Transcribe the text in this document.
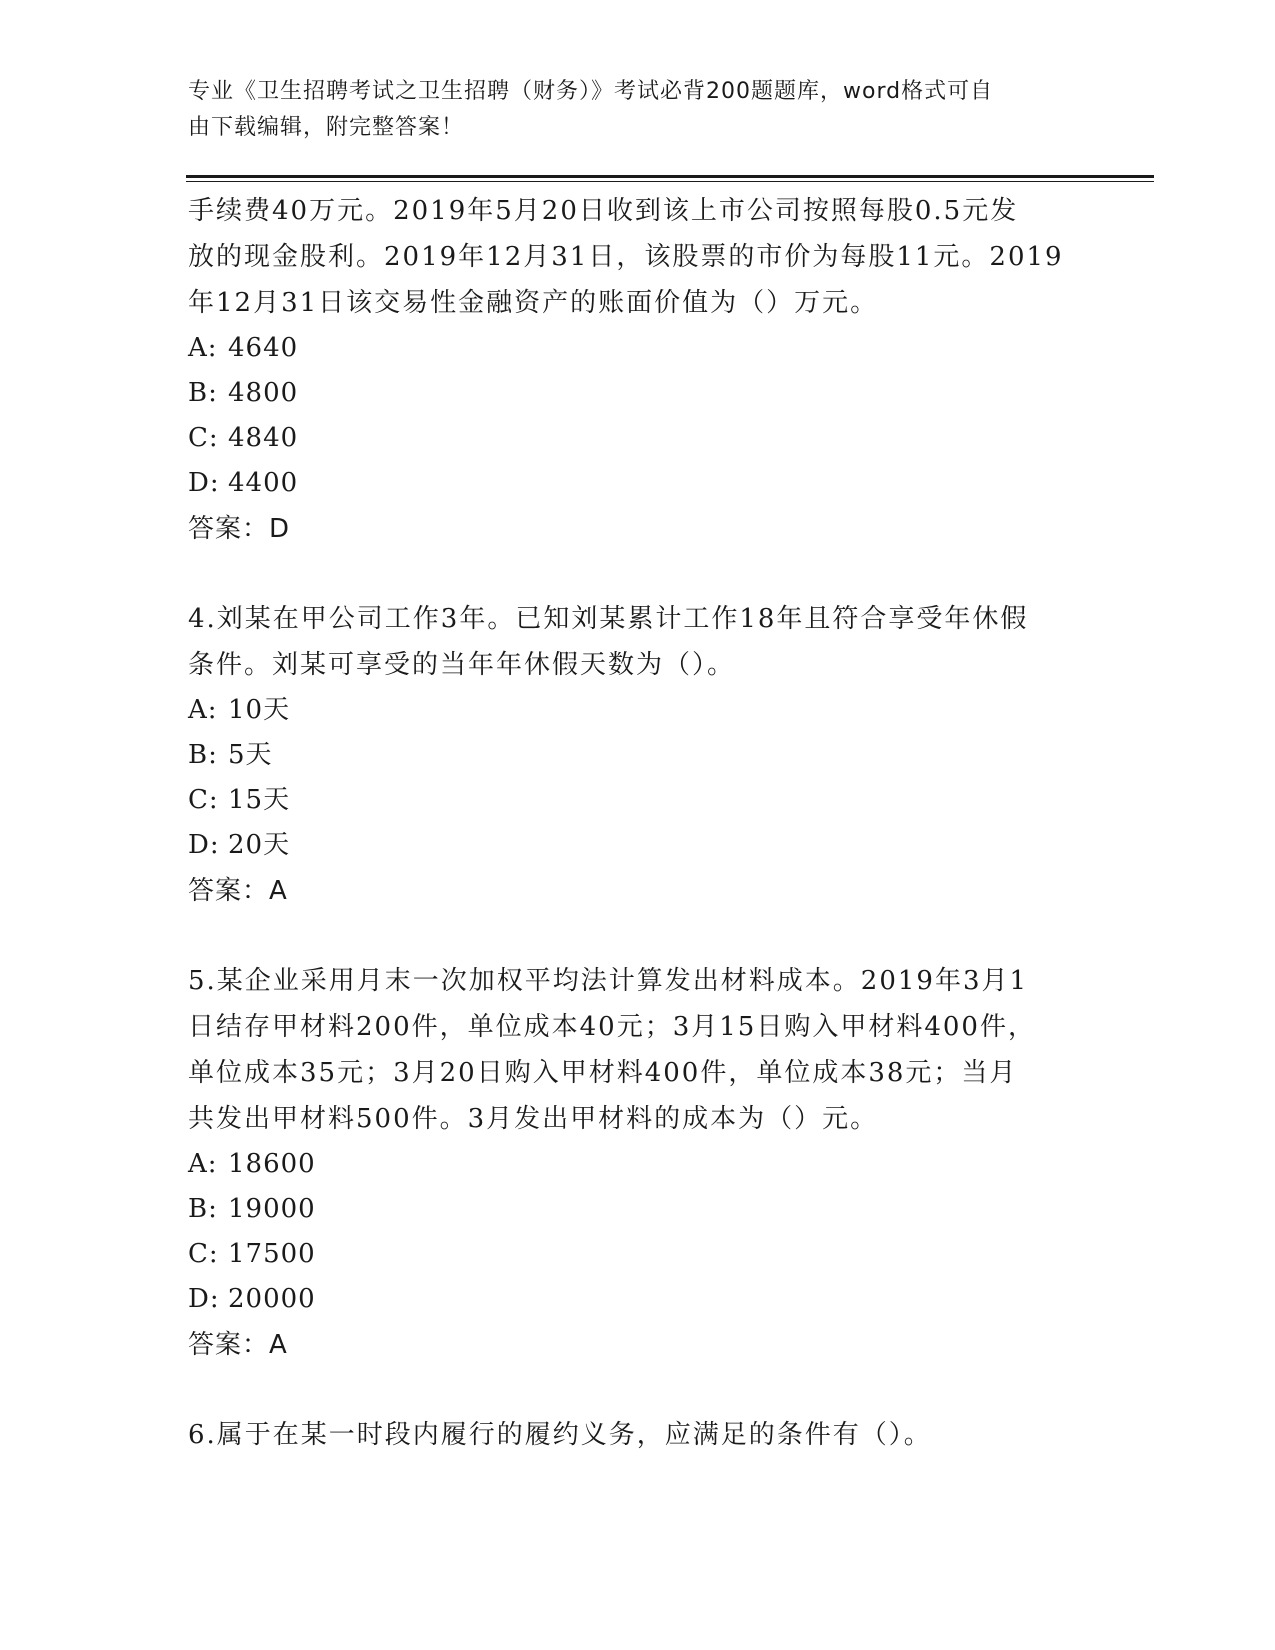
专业《卫生招聘考试之卫生招聘（财务）》考试必背200题题库，word格式可自
由下载编辑，附完整答案！

手续费40万元。2019年5月20日收到该上市公司按照每股0.5元发

放的现金股利。2019年12月31日，该股票的市价为每股11元。2019

年12月31日该交易性金融资产的账面价值为（）万元。

A: 4640

B: 4800

C: 4840

D: 4400

答案：D

4.刘某在甲公司工作3年。已知刘某累计工作18年且符合享受年休假

条件。刘某可享受的当年年休假天数为（）。

A: 10天

B: 5天

C: 15天

D: 20天

答案：A

5.某企业采用月末一次加权平均法计算发出材料成本。2019年3月1

日结存甲材料200件，单位成本40元；3月15日购入甲材料400件，

单位成本35元；3月20日购入甲材料400件，单位成本38元；当月

共发出甲材料500件。3月发出甲材料的成本为（）元。

A: 18600

B: 19000

C: 17500

D: 20000

答案：A

6.属于在某一时段内履行的履约义务，应满足的条件有（）。
